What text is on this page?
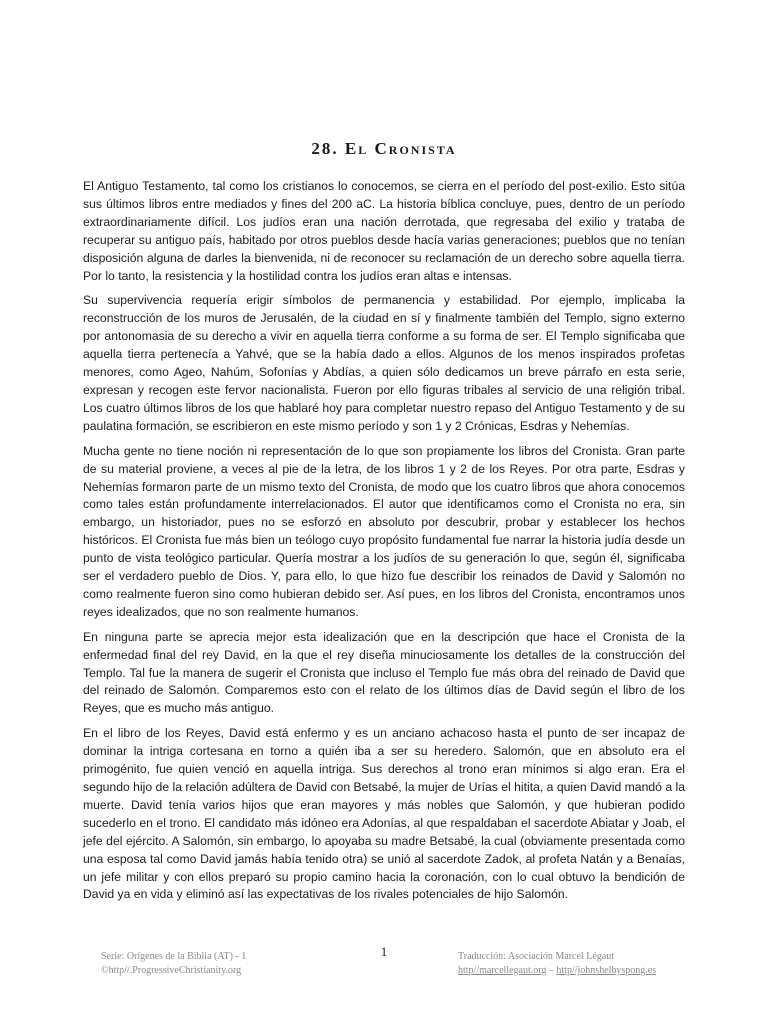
28. El Cronista

El Antiguo Testamento, tal como los cristianos lo conocemos, se cierra en el período del post-exilio. Esto sitúa sus últimos libros entre mediados y fines del 200 aC. La historia bíblica concluye, pues, dentro de un período extraordinariamente difícil. Los judíos eran una nación derrotada, que regresaba del exilio y trataba de recuperar su antiguo país, habitado por otros pueblos desde hacía varias generaciones; pueblos que no tenían disposición alguna de darles la bienvenida, ni de reconocer su reclamación de un derecho sobre aquella tierra. Por lo tanto, la resistencia y la hostilidad contra los judíos eran altas e intensas.

Su supervivencia requería erigir símbolos de permanencia y estabilidad. Por ejemplo, implicaba la reconstrucción de los muros de Jerusalén, de la ciudad en sí y finalmente también del Templo, signo externo por antonomasia de su derecho a vivir en aquella tierra conforme a su forma de ser. El Templo significaba que aquella tierra pertenecía a Yahvé, que se la había dado a ellos. Algunos de los menos inspirados profetas menores, como Ageo, Nahúm, Sofonías y Abdías, a quien sólo dedicamos un breve párrafo en esta serie, expresan y recogen este fervor nacionalista. Fueron por ello figuras tribales al servicio de una religión tribal. Los cuatro últimos libros de los que hablaré hoy para completar nuestro repaso del Antiguo Testamento y de su paulatina formación, se escribieron en este mismo período y son 1 y 2 Crónicas, Esdras y Nehemías.

Mucha gente no tiene noción ni representación de lo que son propiamente los libros del Cronista. Gran parte de su material proviene, a veces al pie de la letra, de los libros 1 y 2 de los Reyes. Por otra parte, Esdras y Nehemías formaron parte de un mismo texto del Cronista, de modo que los cuatro libros que ahora conocemos como tales están profundamente interrelacionados. El autor que identificamos como el Cronista no era, sin embargo, un historiador, pues no se esforzó en absoluto por descubrir, probar y establecer los hechos históricos. El Cronista fue más bien un teólogo cuyo propósito fundamental fue narrar la historia judía desde un punto de vista teológico particular. Quería mostrar a los judíos de su generación lo que, según él, significaba ser el verdadero pueblo de Dios. Y, para ello, lo que hizo fue describir los reinados de David y Salomón no como realmente fueron sino como hubieran debido ser. Así pues, en los libros del Cronista, encontramos unos reyes idealizados, que no son realmente humanos.

En ninguna parte se aprecia mejor esta idealización que en la descripción que hace el Cronista de la enfermedad final del rey David, en la que el rey diseña minuciosamente los detalles de la construcción del Templo. Tal fue la manera de sugerir el Cronista que incluso el Templo fue más obra del reinado de David que del reinado de Salomón. Comparemos esto con el relato de los últimos días de David según el libro de los Reyes, que es mucho más antiguo.

En el libro de los Reyes, David está enfermo y es un anciano achacoso hasta el punto de ser incapaz de dominar la intriga cortesana en torno a quién iba a ser su heredero. Salomón, que en absoluto era el primogénito, fue quien venció en aquella intriga. Sus derechos al trono eran mínimos si algo eran. Era el segundo hijo de la relación adúltera de David con Betsabé, la mujer de Urías el hitita, a quien David mandó a la muerte. David tenía varios hijos que eran mayores y más nobles que Salomón, y que hubieran podido sucederlo en el trono. El candidato más idóneo era Adonías, al que respaldaban el sacerdote Abiatar y Joab, el jefe del ejército. A Salomón, sin embargo, lo apoyaba su madre Betsabé, la cual (obviamente presentada como una esposa tal como David jamás había tenido otra) se unió al sacerdote Zadok, al profeta Natán y a Benaías, un jefe militar y con ellos preparó su propio camino hacia la coronación, con lo cual obtuvo la bendición de David ya en vida y eliminó así las expectativas de los rivales potenciales de hijo Salomón.

Serie: Orígenes de la Biblia (AT) - 1
©http//.ProgressiveChristianity.org
1	Traducción: Asociación Marcel Légaut
http//marcellegaut.org – http//johnshelbyspong.es
